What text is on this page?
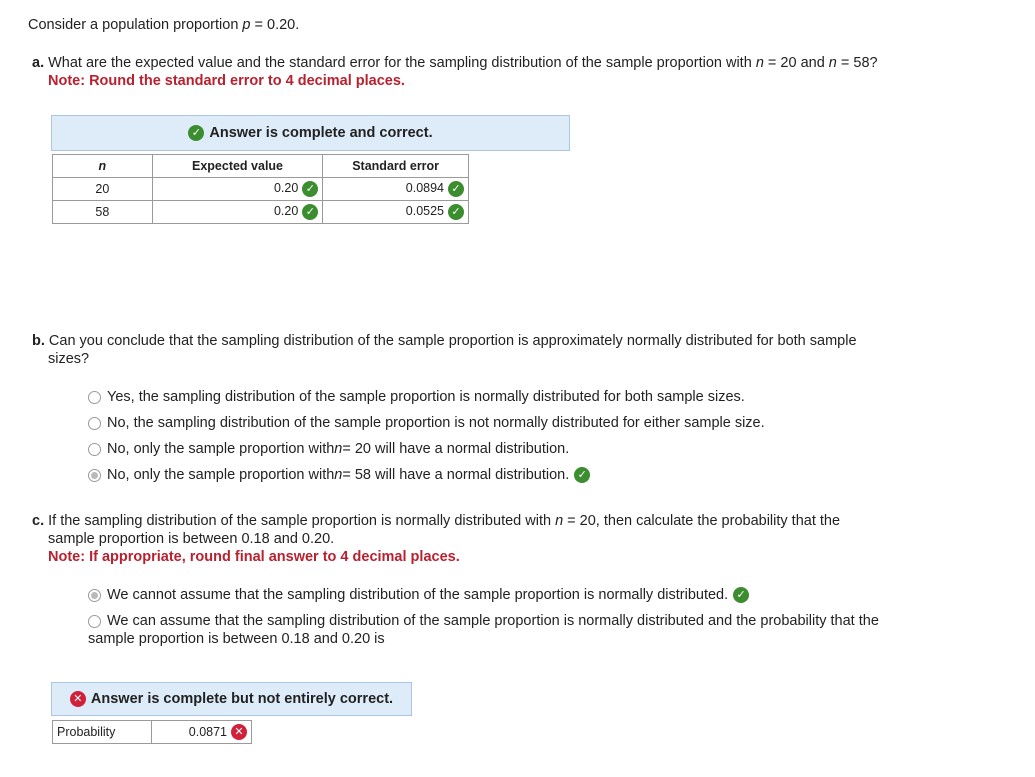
Consider a population proportion p = 0.20.
a. What are the expected value and the standard error for the sampling distribution of the sample proportion with n = 20 and n = 58?
Note: Round the standard error to 4 decimal places.
✓ Answer is complete and correct.
n	Expected value	Standard error
20	0.20 ✓	0.0894 ✓
58	0.20 ✓	0.0525 ✓
b. Can you conclude that the sampling distribution of the sample proportion is approximately normally distributed for both sample
sizes?
Yes, the sampling distribution of the sample proportion is normally distributed for both sample sizes.
No, the sampling distribution of the sample proportion is not normally distributed for either sample size.
No, only the sample proportion with n = 20 will have a normal distribution.
No, only the sample proportion with n = 58 will have a normal distribution. ✓
c. If the sampling distribution of the sample proportion is normally distributed with n = 20, then calculate the probability that the
sample proportion is between 0.18 and 0.20.
Note: If appropriate, round final answer to 4 decimal places.
We cannot assume that the sampling distribution of the sample proportion is normally distributed. ✓
We can assume that the sampling distribution of the sample proportion is normally distributed and the probability that the
sample proportion is between 0.18 and 0.20 is
✕ Answer is complete but not entirely correct.
Probability	0.0871 ✕
